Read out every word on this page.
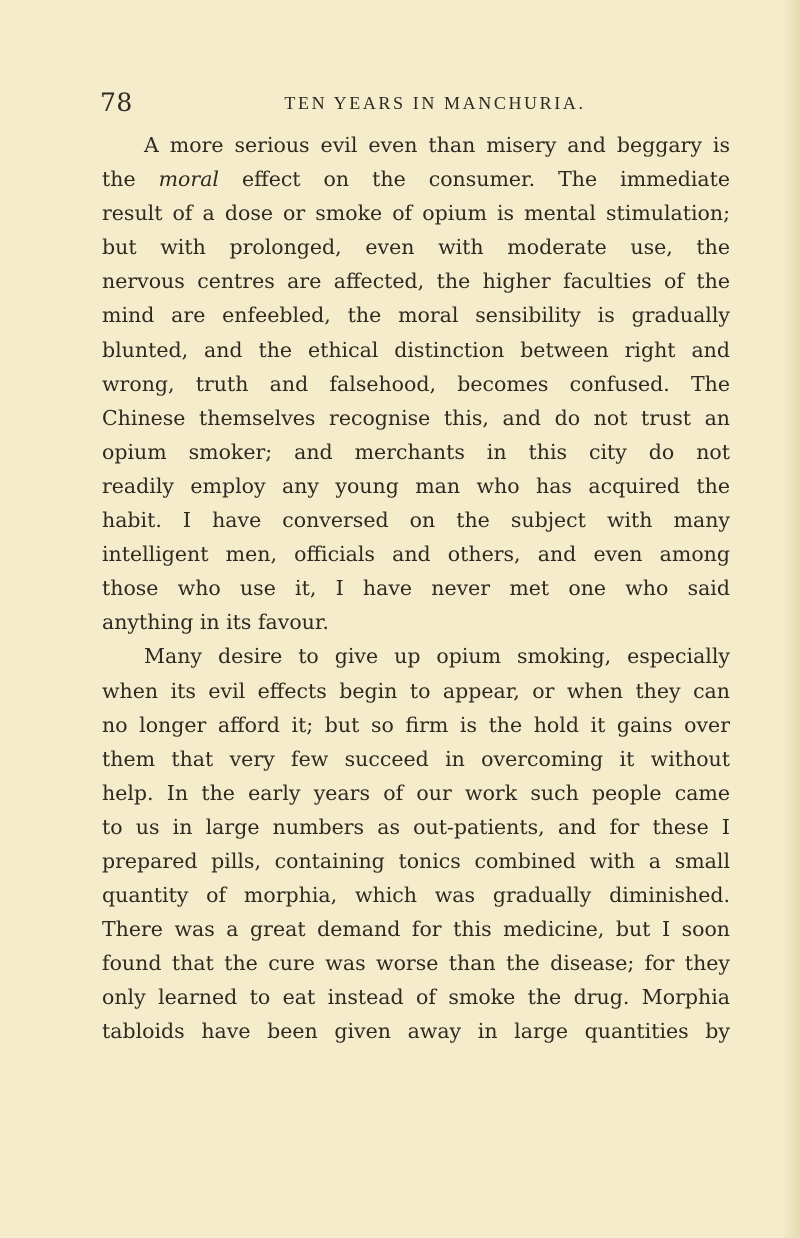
78	TEN YEARS IN MANCHURIA.
A more serious evil even than misery and beggary is
the moral effect on the consumer. The immediate
result of a dose or smoke of opium is mental stimulation;
but with prolonged, even with moderate use, the
nervous centres are affected, the higher faculties of the
mind are enfeebled, the moral sensibility is gradually
blunted, and the ethical distinction between right and
wrong, truth and falsehood, becomes confused. The
Chinese themselves recognise this, and do not trust an
opium smoker; and merchants in this city do not
readily employ any young man who has acquired the
habit. I have conversed on the subject with many
intelligent men, officials and others, and even among
those who use it, I have never met one who said
anything in its favour.
Many desire to give up opium smoking, especially
when its evil effects begin to appear, or when they can
no longer afford it; but so firm is the hold it gains over
them that very few succeed in overcoming it without
help. In the early years of our work such people came
to us in large numbers as out-patients, and for these I
prepared pills, containing tonics combined with a small
quantity of morphia, which was gradually diminished.
There was a great demand for this medicine, but I soon
found that the cure was worse than the disease; for they
only learned to eat instead of smoke the drug. Morphia
tabloids have been given away in large quantities by
